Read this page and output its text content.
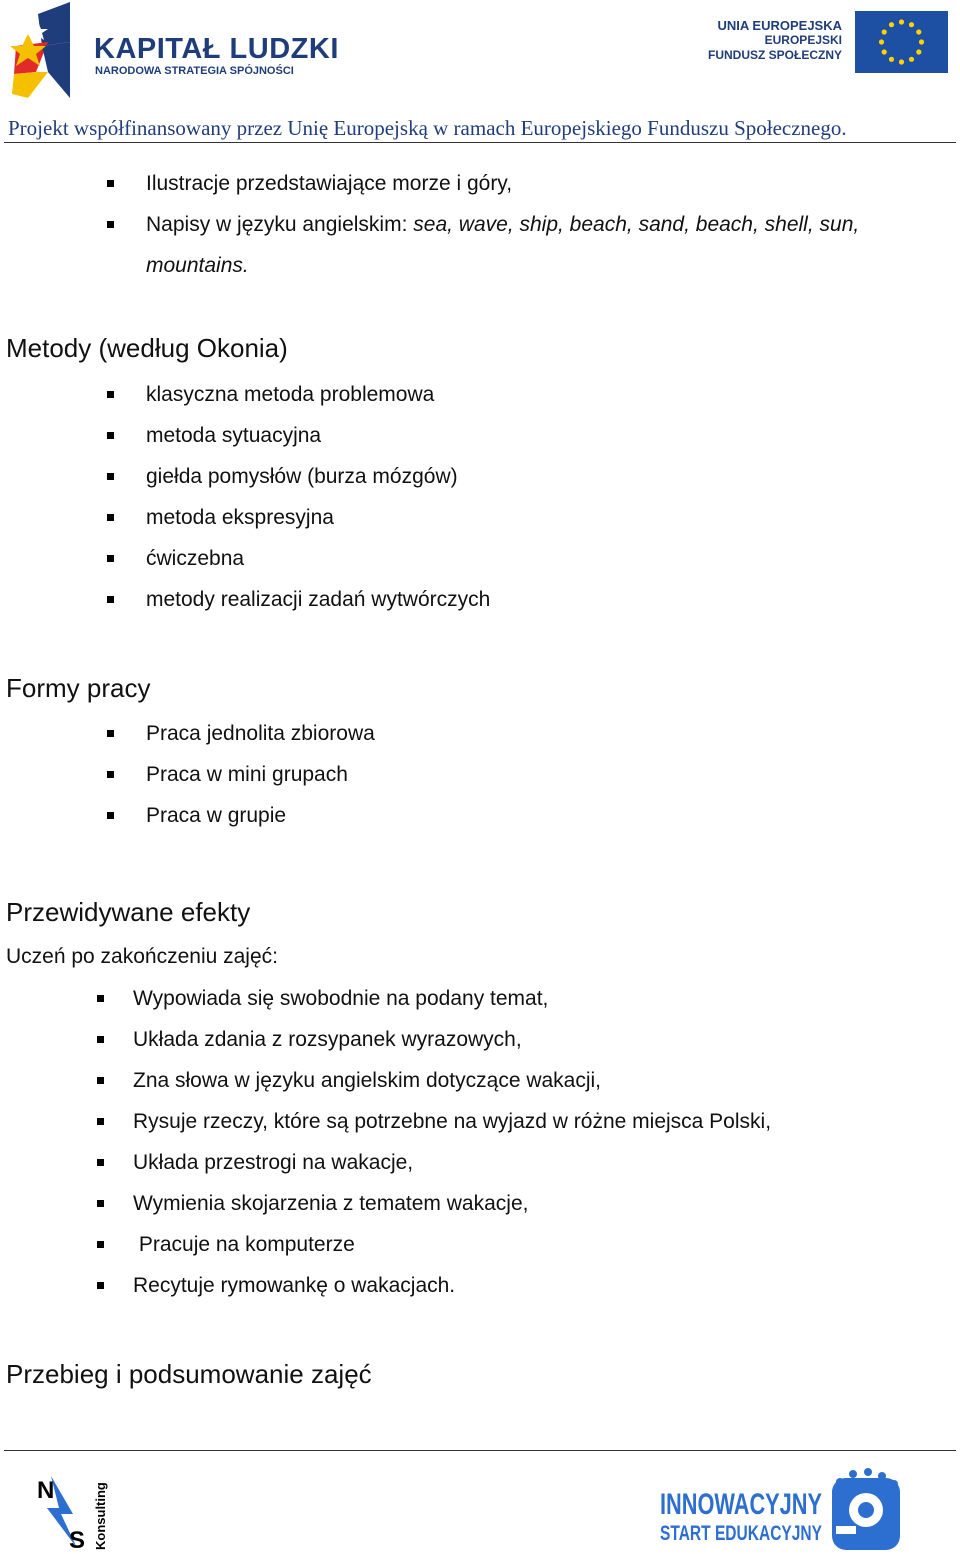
KAPITAŁ LUDZKI
NARODOWA STRATEGIA SPÓJNOŚCI
UNIA EUROPEJSKA
EUROPEJSKI
FUNDUSZ SPOŁECZNY
Projekt współfinansowany przez Unię Europejską w ramach Europejskiego Funduszu Społecznego.
Ilustracje przedstawiające morze i góry,
Napisy w języku angielskim: sea, wave, ship, beach, sand, beach, shell, sun,
mountains.
Metody (według Okonia)
klasyczna metoda problemowa
metoda sytuacyjna
giełda pomysłów (burza mózgów)
metoda ekspresyjna
ćwiczebna
metody realizacji zadań wytwórczych
Formy pracy
Praca jednolita zbiorowa
Praca w mini grupach
Praca w grupie
Przewidywane efekty
Uczeń po zakończeniu zajęć:
Wypowiada się swobodnie na podany temat,
Układa zdania z rozsypanek wyrazowych,
Zna słowa w języku angielskim dotyczące wakacji,
Rysuje rzeczy, które są potrzebne na wyjazd w różne miejsca Polski,
Układa przestrogi na wakacje,
Wymienia skojarzenia z tematem wakacje,
Pracuje na komputerze
Recytuje rymowankę o wakacjach.
Przebieg i podsumowanie zajęć
N
S Konsulting	INNOWACYJNY
START EDUKACYJNY
